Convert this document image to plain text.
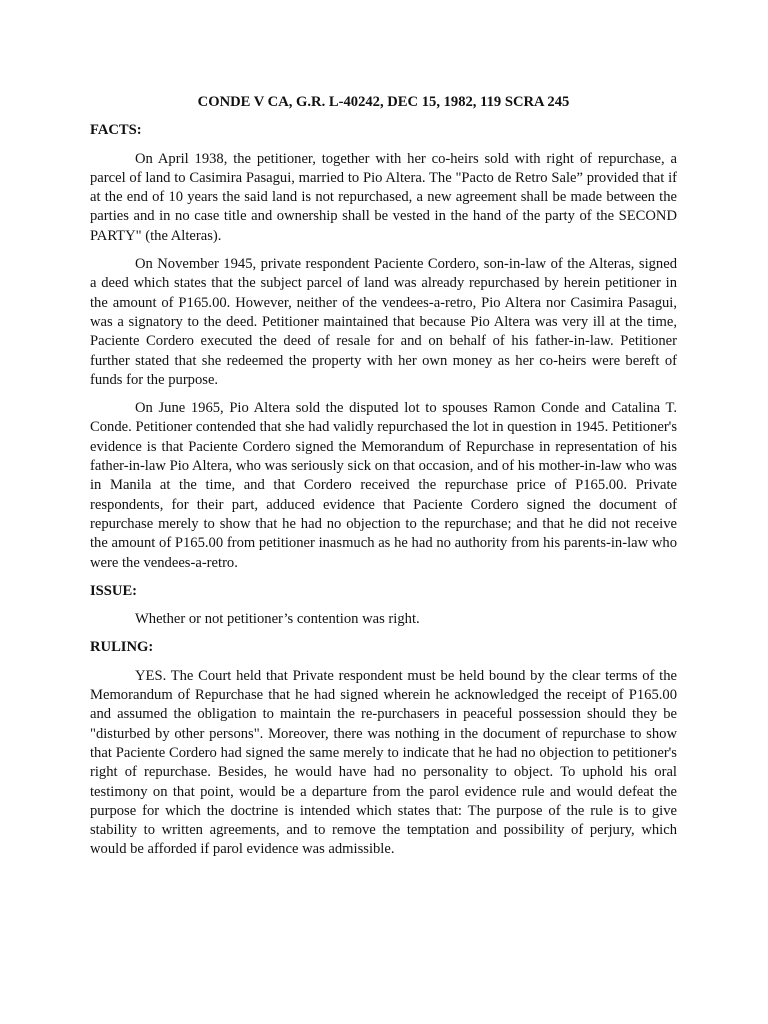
CONDE V CA, G.R. L-40242, DEC 15, 1982, 119 SCRA 245
FACTS:

On April 1938, the petitioner, together with her co-heirs sold with right of repurchase, a parcel of land to Casimira Pasagui, married to Pio Altera. The "Pacto de Retro Sale” provided that if at the end of 10 years the said land is not repurchased, a new agreement shall be made between the parties and in no case title and ownership shall be vested in the hand of the party of the SECOND PARTY" (the Alteras).

On November 1945, private respondent Paciente Cordero, son-in-law of the Alteras, signed a deed which states that the subject parcel of land was already repurchased by herein petitioner in the amount of P165.00. However, neither of the vendees-a-retro, Pio Altera nor Casimira Pasagui, was a signatory to the deed. Petitioner maintained that because Pio Altera was very ill at the time, Paciente Cordero executed the deed of resale for and on behalf of his father-in-law. Petitioner further stated that she redeemed the property with her own money as her co-heirs were bereft of funds for the purpose.

On June 1965, Pio Altera sold the disputed lot to spouses Ramon Conde and Catalina T. Conde. Petitioner contended that she had validly repurchased the lot in question in 1945. Petitioner's evidence is that Paciente Cordero signed the Memorandum of Repurchase in representation of his father-in-law Pio Altera, who was seriously sick on that occasion, and of his mother-in-law who was in Manila at the time, and that Cordero received the repurchase price of P165.00. Private respondents, for their part, adduced evidence that Paciente Cordero signed the document of repurchase merely to show that he had no objection to the repurchase; and that he did not receive the amount of P165.00 from petitioner inasmuch as he had no authority from his parents-in-law who were the vendees-a-retro.

ISSUE:

Whether or not petitioner’s contention was right.

RULING:

YES. The Court held that Private respondent must be held bound by the clear terms of the Memorandum of Repurchase that he had signed wherein he acknowledged the receipt of P165.00 and assumed the obligation to maintain the re-purchasers in peaceful possession should they be "disturbed by other persons". Moreover, there was nothing in the document of repurchase to show that Paciente Cordero had signed the same merely to indicate that he had no objection to petitioner's right of repurchase. Besides, he would have had no personality to object. To uphold his oral testimony on that point, would be a departure from the parol evidence rule and would defeat the purpose for which the doctrine is intended which states that: The purpose of the rule is to give stability to written agreements, and to remove the temptation and possibility of perjury, which would be afforded if parol evidence was admissible.
